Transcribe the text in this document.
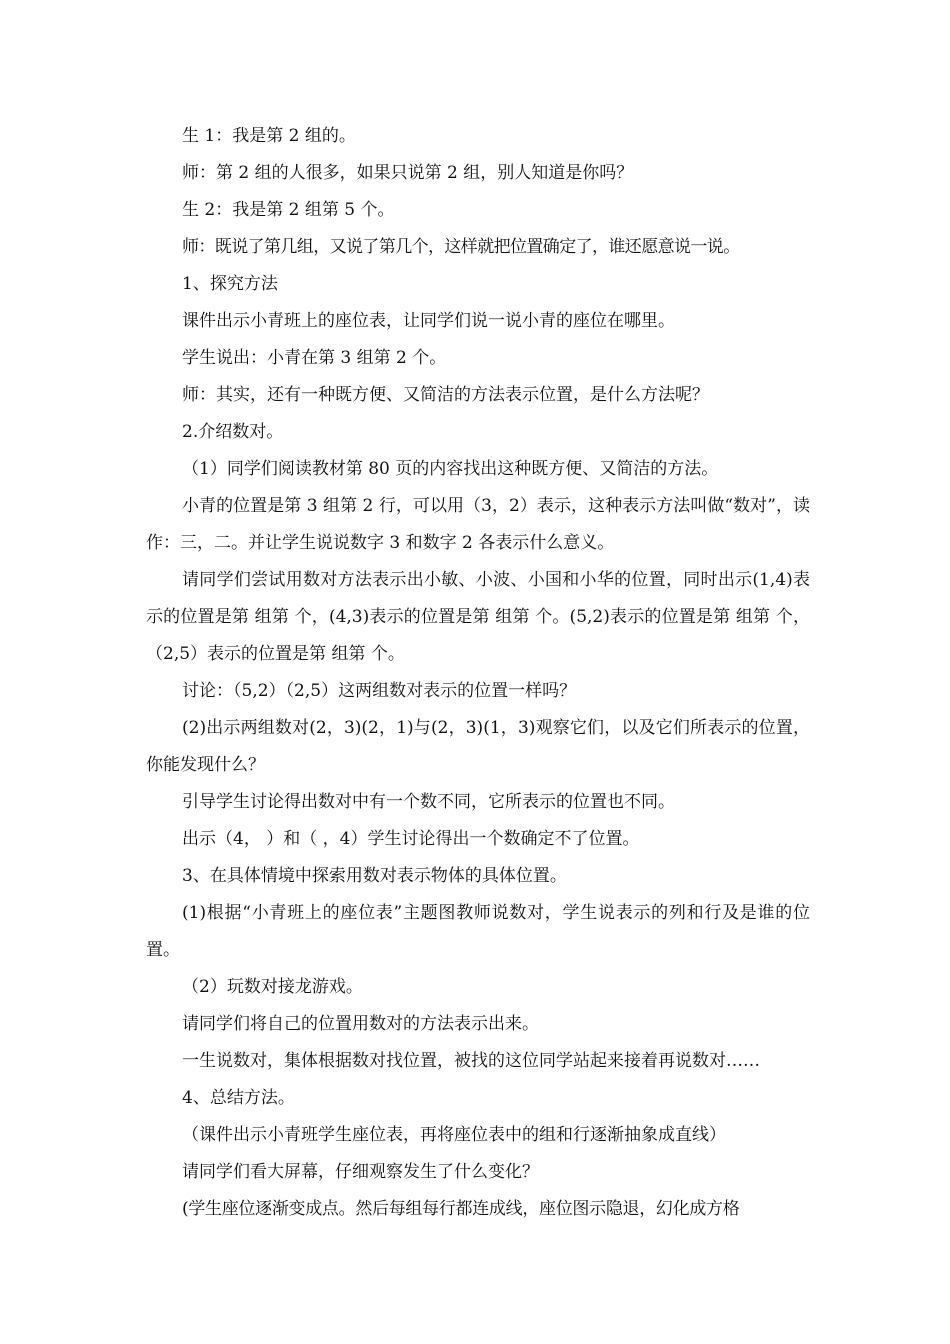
生 1：我是第 2 组的。

师：第 2 组的人很多，如果只说第 2 组，别人知道是你吗？

生 2：我是第 2 组第 5 个。

师：既说了第几组，又说了第几个，这样就把位置确定了，谁还愿意说一说。

1、探究方法

课件出示小青班上的座位表，让同学们说一说小青的座位在哪里。

学生说出：小青在第 3 组第 2 个。

师：其实，还有一种既方便、又简洁的方法表示位置，是什么方法呢？

2.介绍数对。

（1）同学们阅读教材第 80 页的内容找出这种既方便、又简洁的方法。

小青的位置是第 3 组第 2 行，可以用（3，2）表示，这种表示方法叫做“数对”，读作：三，二。并让学生说说数字 3 和数字 2 各表示什么意义。

请同学们尝试用数对方法表示出小敏、小波、小国和小华的位置，同时出示(1,4)表示的位置是第 组第 个，(4,3)表示的位置是第 组第 个。(5,2)表示的位置是第 组第 个，（2,5）表示的位置是第 组第 个。

讨论：（5,2）（2,5）这两组数对表示的位置一样吗？

(2)出示两组数对(2，3)(2，1)与(2，3)(1，3)观察它们，以及它们所表示的位置，你能发现什么？

引导学生讨论得出数对中有一个数不同，它所表示的位置也不同。

出示（4， ）和（ ，4）学生讨论得出一个数确定不了位置。

3、在具体情境中探索用数对表示物体的具体位置。

(1)根据“小青班上的座位表”主题图教师说数对，学生说表示的列和行及是谁的位置。

（2）玩数对接龙游戏。

请同学们将自己的位置用数对的方法表示出来。

一生说数对，集体根据数对找位置，被找的这位同学站起来接着再说数对……

4、总结方法。

（课件出示小青班学生座位表，再将座位表中的组和行逐渐抽象成直线）

请同学们看大屏幕，仔细观察发生了什么变化？

(学生座位逐渐变成点。然后每组每行都连成线，座位图示隐退，幻化成方格
